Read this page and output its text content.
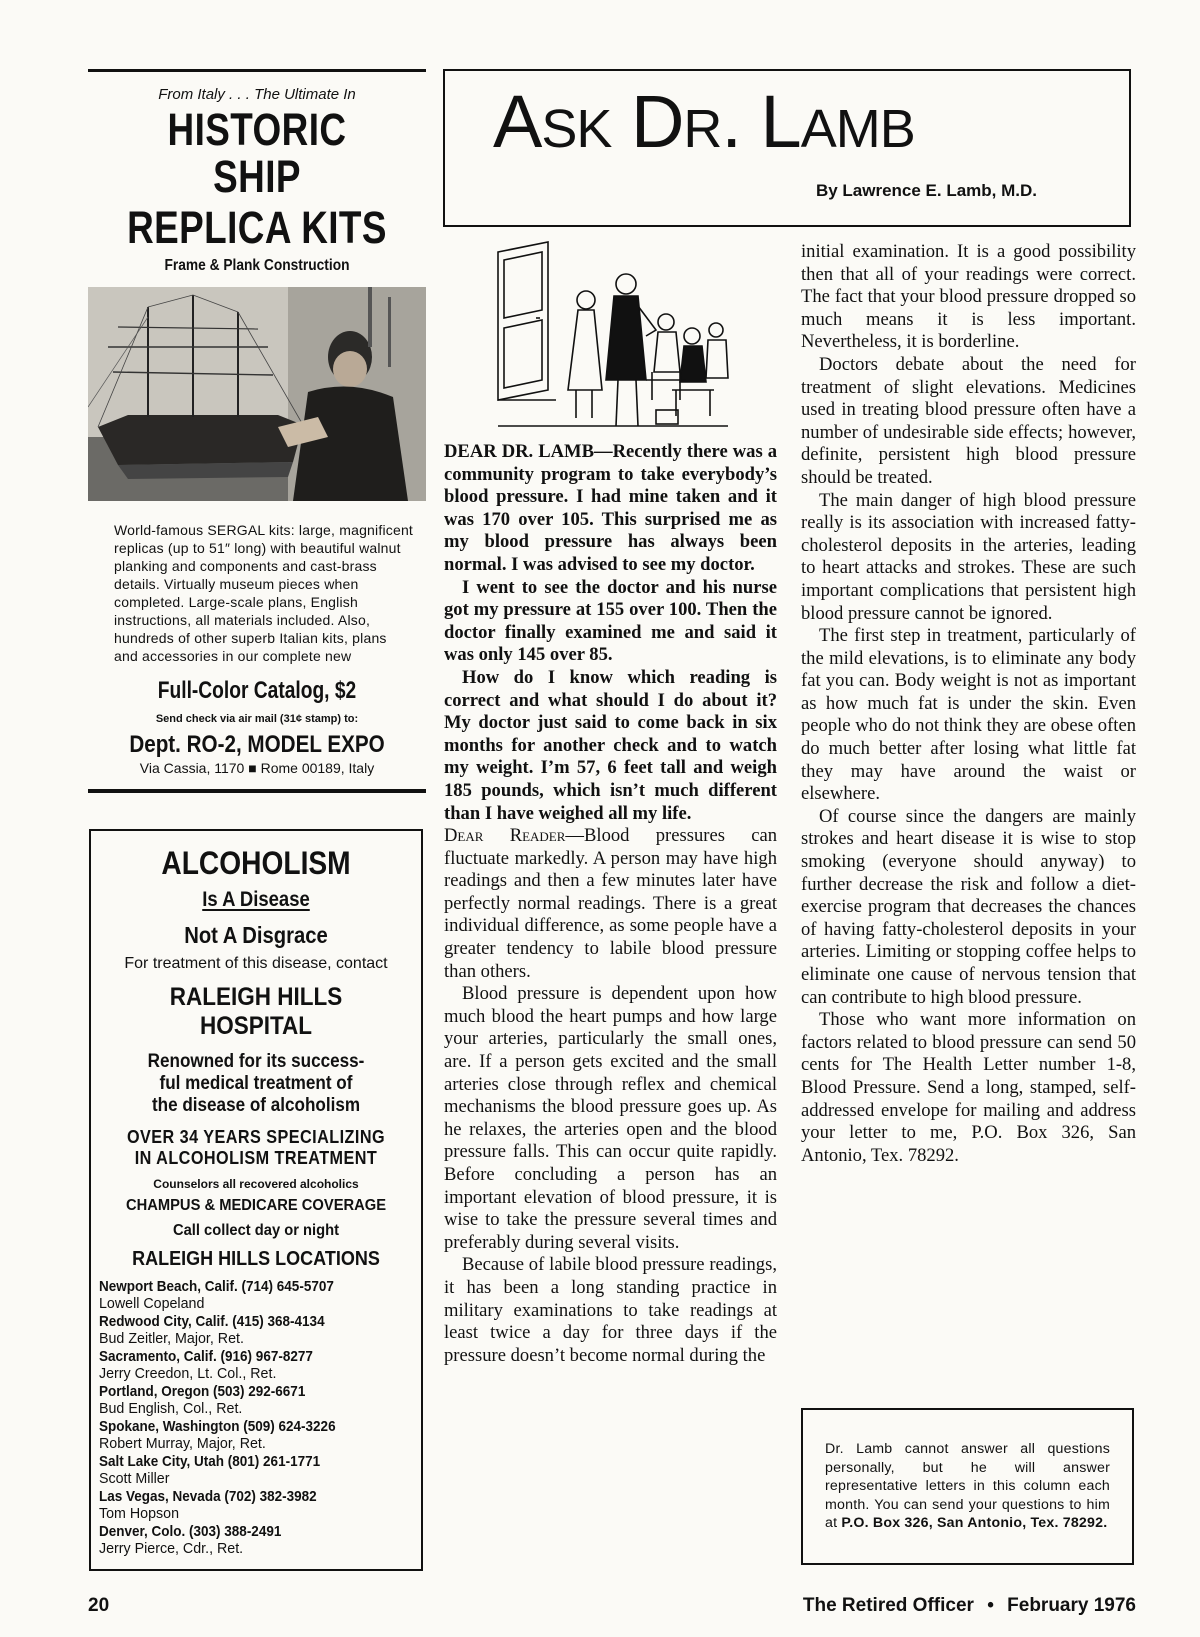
From Italy . . . The Ultimate In
HISTORIC SHIP
REPLICA KITS
Frame & Plank Construction
World-famous SERGAL kits: large, magnificent replicas (up to 51″ long) with beautiful walnut planking and components and cast-brass details. Virtually museum pieces when completed. Large-scale plans, English instructions, all materials included. Also, hundreds of other superb Italian kits, plans and accessories in our complete new
Full-Color Catalog, $2
Send check via air mail (31¢ stamp) to:
Dept. RO-2, MODEL EXPO
Via Cassia, 1170 ■ Rome 00189, Italy
ALCOHOLISM
Is A Disease
Not A Disgrace
For treatment of this disease, contact
RALEIGH HILLS
HOSPITAL
Renowned for its success-
ful medical treatment of
the disease of alcoholism
OVER 34 YEARS SPECIALIZING
IN ALCOHOLISM TREATMENT
Counselors all recovered alcoholics
CHAMPUS & MEDICARE COVERAGE
Call collect day or night
RALEIGH HILLS LOCATIONS
Newport Beach, Calif. (714) 645-5707
Lowell Copeland
Redwood City, Calif. (415) 368-4134
Bud Zeitler, Major, Ret.
Sacramento, Calif. (916) 967-8277
Jerry Creedon, Lt. Col., Ret.
Portland, Oregon (503) 292-6671
Bud English, Col., Ret.
Spokane, Washington (509) 624-3226
Robert Murray, Major, Ret.
Salt Lake City, Utah (801) 261-1771
Scott Miller
Las Vegas, Nevada (702) 382-3982
Tom Hopson
Denver, Colo. (303) 388-2491
Jerry Pierce, Cdr., Ret.
ASK DR. LAMB
By Lawrence E. Lamb, M.D.

DEAR DR. LAMB—Recently there was a community program to take everybody’s blood pressure. I had mine taken and it was 170 over 105. This surprised me as my blood pressure has always been normal. I was advised to see my doctor.

I went to see the doctor and his nurse got my pressure at 155 over 100. Then the doctor finally examined me and said it was only 145 over 85.

How do I know which reading is correct and what should I do about it? My doctor just said to come back in six months for another check and to watch my weight. I’m 57, 6 feet tall and weigh 185 pounds, which isn’t much different than I have weighed all my life.

Dear Reader—Blood pressures can fluctuate markedly. A person may have high readings and then a few minutes later have perfectly normal readings. There is a great individual difference, as some people have a greater tendency to labile blood pressure than others.

Blood pressure is dependent upon how much blood the heart pumps and how large your arteries, particularly the small ones, are. If a person gets excited and the small arteries close through reflex and chemical mechanisms the blood pressure goes up. As he relaxes, the arteries open and the blood pressure falls. This can occur quite rapidly. Before concluding a person has an important elevation of blood pressure, it is wise to take the pressure several times and preferably during several visits.

Because of labile blood pressure readings, it has been a long standing practice in military examinations to take readings at least twice a day for three days if the pressure doesn’t become normal during the

initial examination. It is a good possibility then that all of your readings were correct. The fact that your blood pressure dropped so much means it is less important. Nevertheless, it is borderline.

Doctors debate about the need for treatment of slight elevations. Medicines used in treating blood pressure often have a number of undesirable side effects; however, definite, persistent high blood pressure should be treated.

The main danger of high blood pressure really is its association with increased fatty-cholesterol deposits in the arteries, leading to heart attacks and strokes. These are such important complications that persistent high blood pressure cannot be ignored.

The first step in treatment, particularly of the mild elevations, is to eliminate any body fat you can. Body weight is not as important as how much fat is under the skin. Even people who do not think they are obese often do much better after losing what little fat they may have around the waist or elsewhere.

Of course since the dangers are mainly strokes and heart disease it is wise to stop smoking (everyone should anyway) to further decrease the risk and follow a diet-exercise program that decreases the chances of having fatty-cholesterol deposits in your arteries. Limiting or stopping coffee helps to eliminate one cause of nervous tension that can contribute to high blood pressure.

Those who want more information on factors related to blood pressure can send 50 cents for The Health Letter number 1-8, Blood Pressure. Send a long, stamped, self-addressed envelope for mailing and address your letter to me, P.O. Box 326, San Antonio, Tex. 78292.

Dr. Lamb cannot answer all questions personally, but he will answer representative letters in this column each month. You can send your questions to him at P.O. Box 326, San Antonio, Tex. 78292.
20	The Retired Officer • February 1976
